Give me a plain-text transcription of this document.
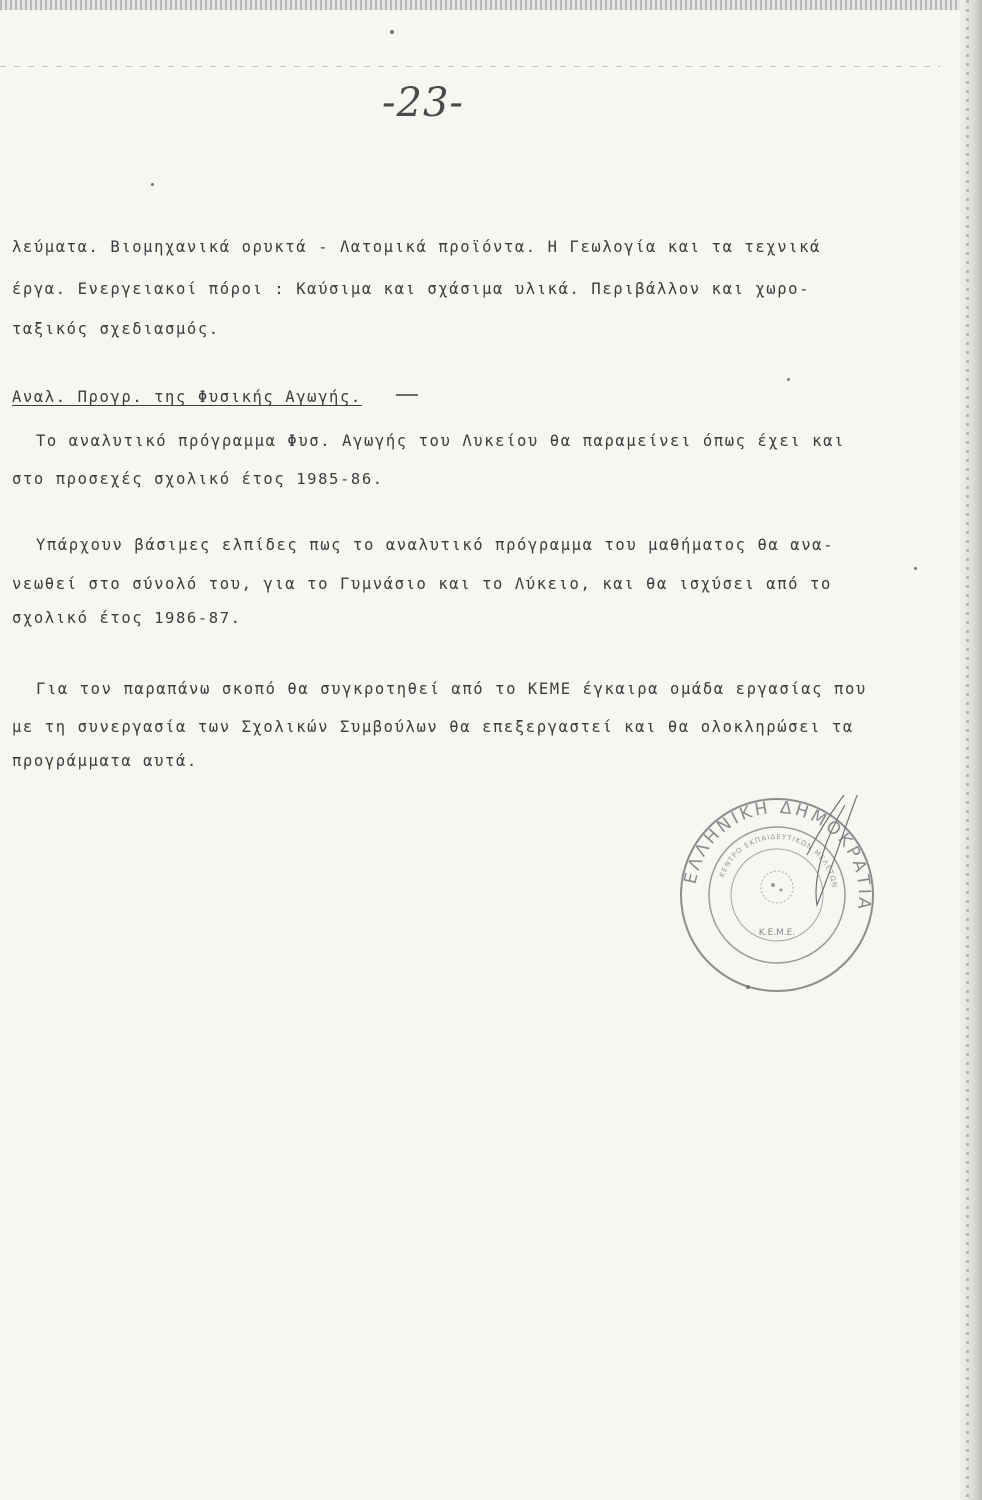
-23-
λεύματα. Βιομηχανικά ορυκτά - Λατομικά προϊόντα. Η Γεωλογία και τα τεχνικά
έργα. Ενεργειακοί πόροι : Καύσιμα και σχάσιμα υλικά. Περιβάλλον και χωρο-
ταξικός σχεδιασμός.
Αναλ. Προγρ. της Φυσικής Αγωγής.
Το αναλυτικό πρόγραμμα Φυσ. Αγωγής του Λυκείου θα παραμείνει όπως έχει και
στο προσεχές σχολικό έτος 1985-86.
Υπάρχουν βάσιμες ελπίδες πως το αναλυτικό πρόγραμμα του μαθήματος θα ανα-
νεωθεί στο σύνολό του, για το Γυμνάσιο και το Λύκειο, και θα ισχύσει από το
σχολικό έτος 1986-87.
Για τον παραπάνω σκοπό θα συγκροτηθεί από το ΚΕΜΕ έγκαιρα ομάδα εργασίας που
με τη συνεργασία των Σχολικών Συμβούλων θα επεξεργαστεί και θα ολοκληρώσει τα
προγράμματα αυτά.
ΕΛΛΗΝΙΚΗ ΔΗΜΟΚΡΑΤΙΑ
ΚΕΝΤΡΟ ΕΚΠΑΙΔΕΥΤΙΚΩΝ ΜΕΛΕΤΩΝ
Κ.Ε.Μ.Ε.
